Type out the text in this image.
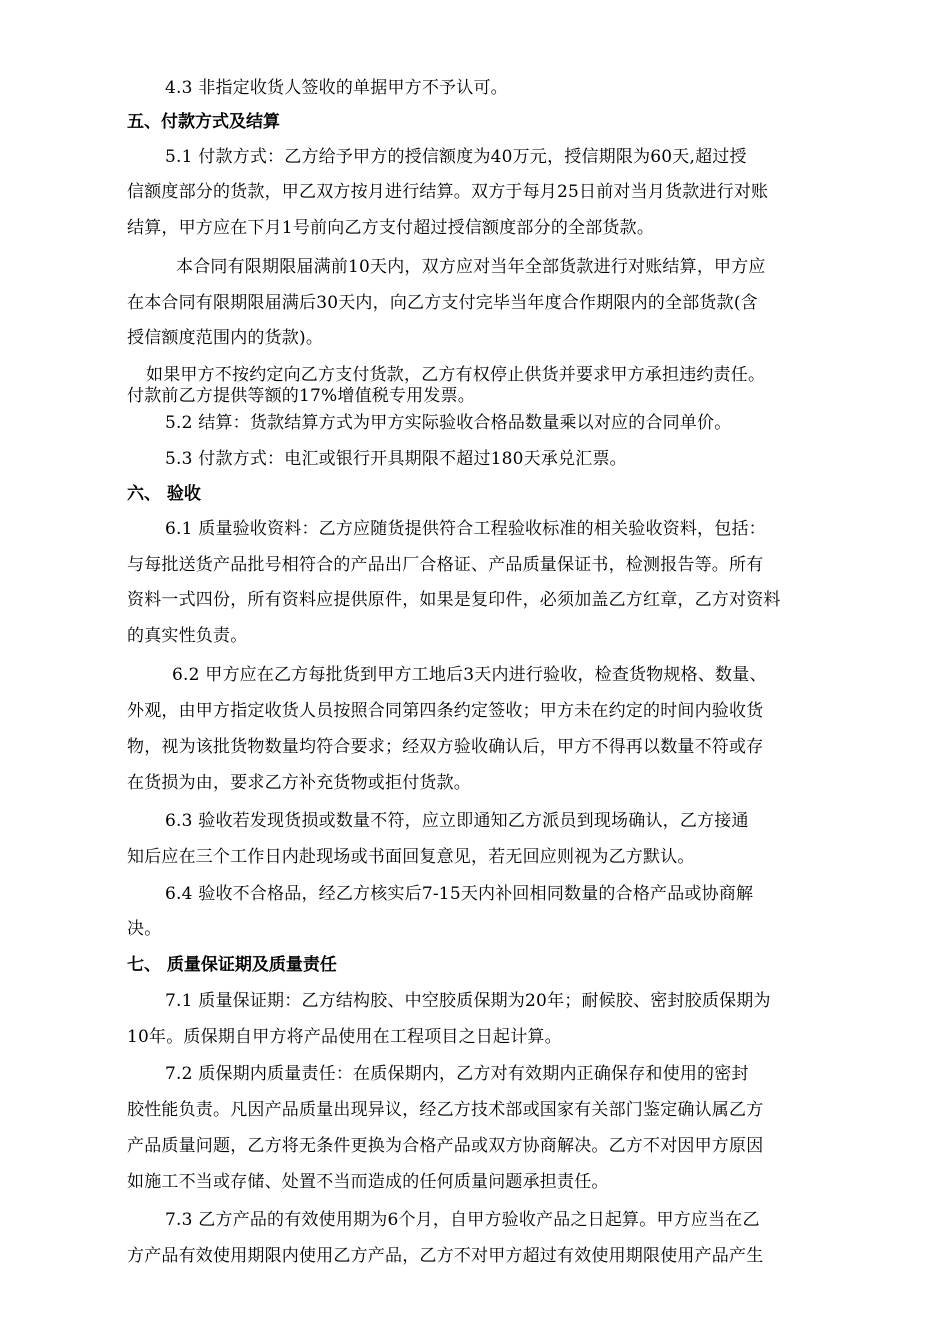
4.3 非指定收货人签收的单据甲方不予认可。
五、付款方式及结算
5.1 付款方式：乙方给予甲方的授信额度为40万元，授信期限为60天,超过授
信额度部分的货款，甲乙双方按月进行结算。双方于每月25日前对当月货款进行对账
结算，甲方应在下月1号前向乙方支付超过授信额度部分的全部货款。
本合同有限期限届满前10天内，双方应对当年全部货款进行对账结算，甲方应
在本合同有限期限届满后30天内，向乙方支付完毕当年度合作期限内的全部货款(含
授信额度范围内的货款)。
如果甲方不按约定向乙方支付货款，乙方有权停止供货并要求甲方承担违约责任。
付款前乙方提供等额的17%增值税专用发票。
5.2 结算：货款结算方式为甲方实际验收合格品数量乘以对应的合同单价。
5.3 付款方式：电汇或银行开具期限不超过180天承兑汇票。
六、 验收
6.1 质量验收资料：乙方应随货提供符合工程验收标准的相关验收资料，包括：
与每批送货产品批号相符合的产品出厂合格证、产品质量保证书，检测报告等。所有
资料一式四份，所有资料应提供原件，如果是复印件，必须加盖乙方红章，乙方对资料
的真实性负责。
6.2 甲方应在乙方每批货到甲方工地后3天内进行验收，检查货物规格、数量、
外观，由甲方指定收货人员按照合同第四条约定签收；甲方未在约定的时间内验收货
物，视为该批货物数量均符合要求；经双方验收确认后，甲方不得再以数量不符或存
在货损为由，要求乙方补充货物或拒付货款。
6.3 验收若发现货损或数量不符，应立即通知乙方派员到现场确认，乙方接通
知后应在三个工作日内赴现场或书面回复意见，若无回应则视为乙方默认。
6.4 验收不合格品，经乙方核实后7-15天内补回相同数量的合格产品或协商解
决。
七、 质量保证期及质量责任
7.1 质量保证期：乙方结构胶、中空胶质保期为20年；耐候胶、密封胶质保期为
10年。质保期自甲方将产品使用在工程项目之日起计算。
7.2 质保期内质量责任：在质保期内，乙方对有效期内正确保存和使用的密封
胶性能负责。凡因产品质量出现异议，经乙方技术部或国家有关部门鉴定确认属乙方
产品质量问题，乙方将无条件更换为合格产品或双方协商解决。乙方不对因甲方原因
如施工不当或存储、处置不当而造成的任何质量问题承担责任。
7.3 乙方产品的有效使用期为6个月，自甲方验收产品之日起算。甲方应当在乙
方产品有效使用期限内使用乙方产品，乙方不对甲方超过有效使用期限使用产品产生
